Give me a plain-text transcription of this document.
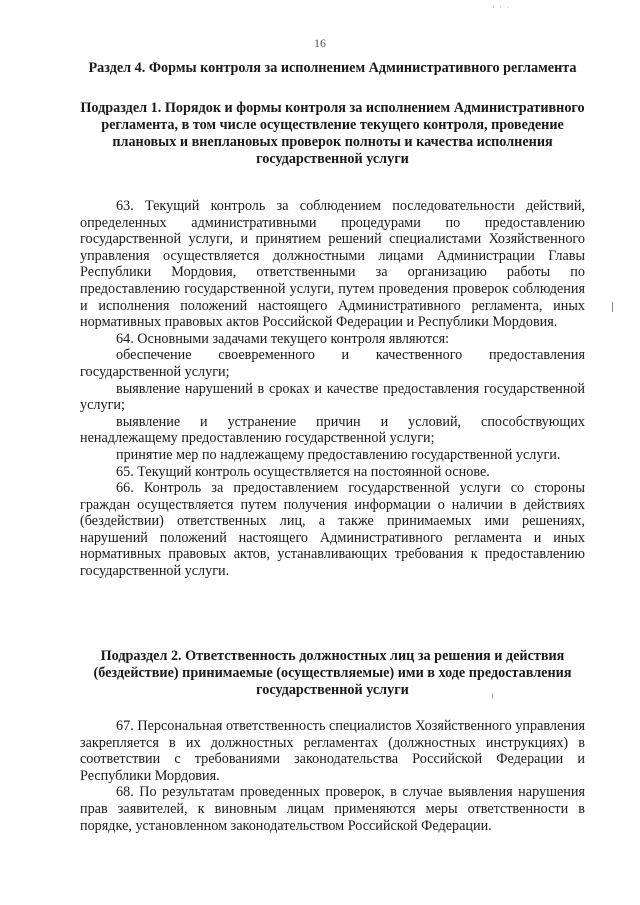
· · ·
16
Раздел 4. Формы контроля за исполнением Административного регламента
Подраздел 1. Порядок и формы контроля за исполнением Административного регламента, в том числе осуществление текущего контроля, проведение плановых и внеплановых проверок полноты и качества исполнения государственной услуги

63. Текущий контроль за соблюдением последовательности действий, определенных административными процедурами по предоставлению государственной услуги, и принятием решений специалистами Хозяйственного управления осуществляется должностными лицами Администрации Главы Республики Мордовия, ответственными за организацию работы по предоставлению государственной услуги, путем проведения проверок соблюдения и исполнения положений настоящего Административного регламента, иных нормативных правовых актов Российской Федерации и Республики Мордовия.

64. Основными задачами текущего контроля являются:

обеспечение своевременного и качественного предоставления государственной услуги;

выявление нарушений в сроках и качестве предоставления государственной услуги;

выявление и устранение причин и условий, способствующих ненадлежащему предоставлению государственной услуги;

принятие мер по надлежащему предоставлению государственной услуги.

65. Текущий контроль осуществляется на постоянной основе.

66. Контроль за предоставлением государственной услуги со стороны граждан осуществляется путем получения информации о наличии в действиях (бездействии) ответственных лиц, а также принимаемых ими решениях, нарушений положений настоящего Административного регламента и иных нормативных правовых актов, устанавливающих требования к предоставлению государственной услуги.

Подраздел 2. Ответственность должностных лиц за решения и действия (бездействие) принимаемые (осуществляемые) ими в ходе предоставления государственной услуги

67. Персональная ответственность специалистов Хозяйственного управления закрепляется в их должностных регламентах (должностных инструкциях) в соответствии с требованиями законодательства Российской Федерации и Республики Мордовия.

68. По результатам проведенных проверок, в случае выявления нарушения прав заявителей, к виновным лицам применяются меры ответственности в порядке, установленном законодательством Российской Федерации.
